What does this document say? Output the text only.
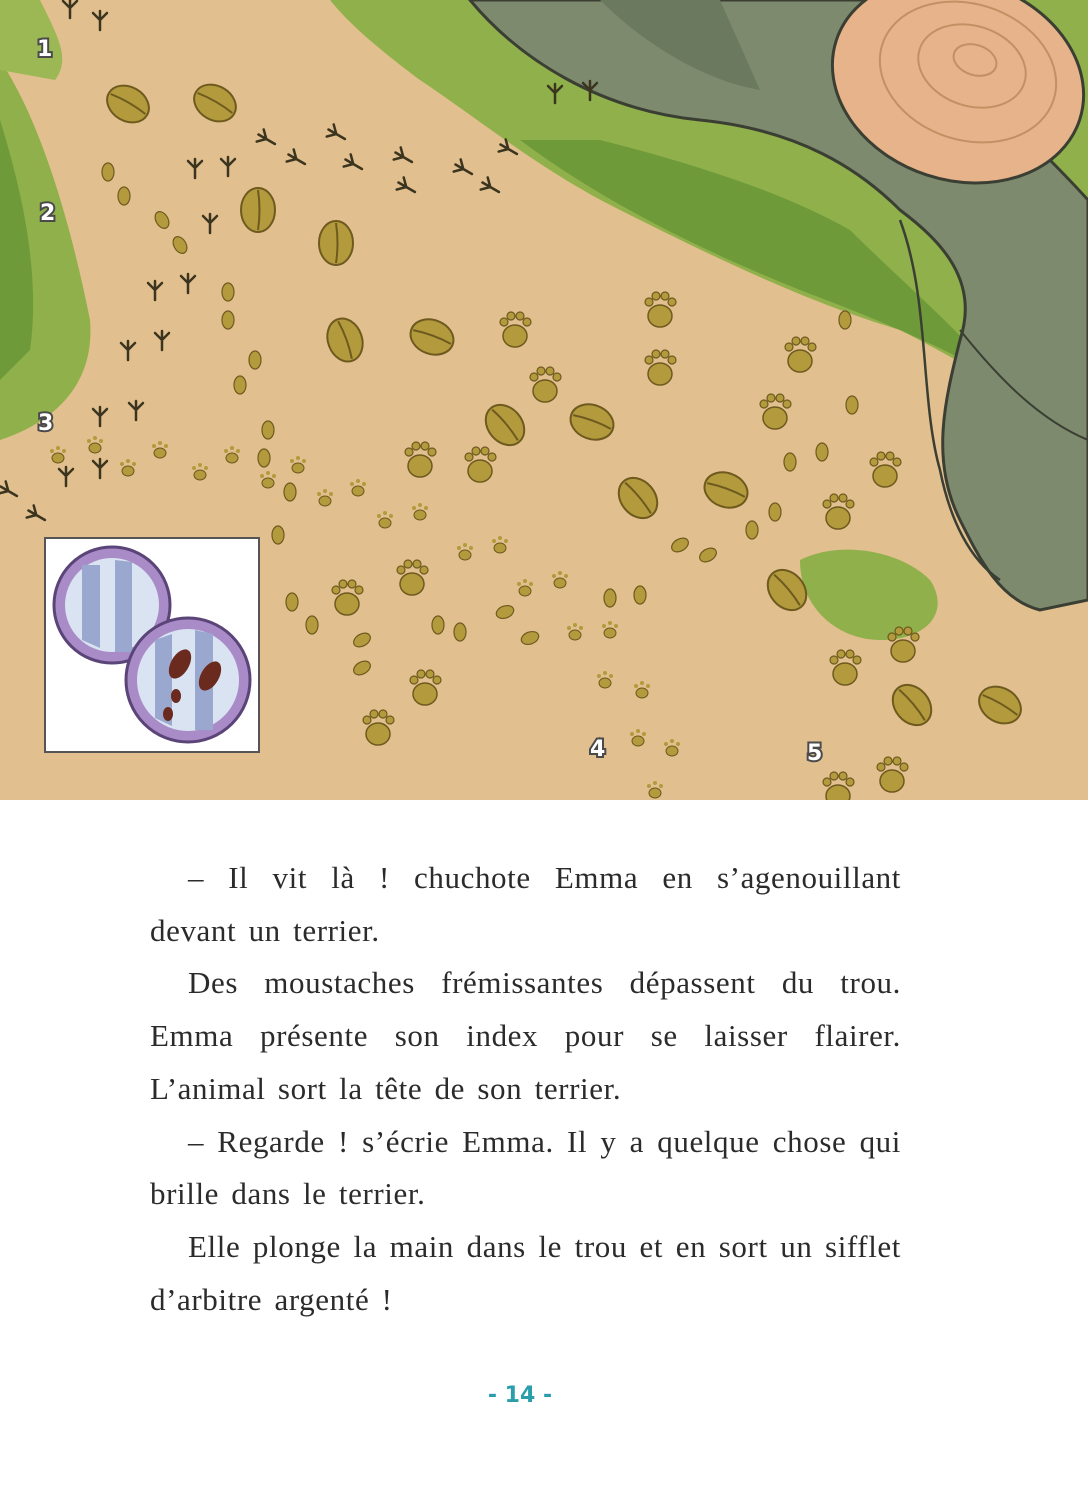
1
2
3
4	5

– Il vit là ! chuchote Emma en s’agenouillant devant un terrier.

Des moustaches frémissantes dépassent du trou. Emma présente son index pour se laisser flairer. L’animal sort la tête de son terrier.

– Regarde ! s’écrie Emma. Il y a quelque chose qui brille dans le terrier.

Elle plonge la main dans le trou et en sort un sifflet d’arbitre argenté !

- 14 -
